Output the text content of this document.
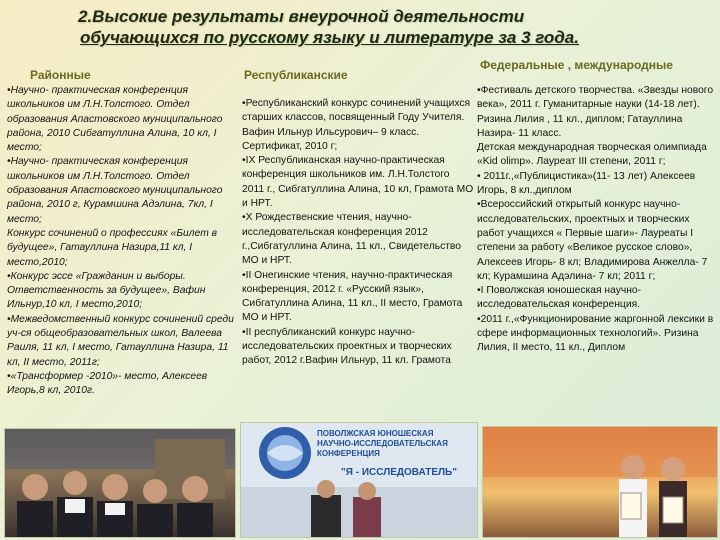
2.Высокие результаты внеурочной деятельности
обучающихся по русскому языку и литературе за 3 года.
Районные	Республиканские
Федеральные , международные

•Научно- практическая конференция школьников им Л.Н.Толстого. Отдел образования Апастовского муниципального района, 2010 Сибгатуллина Алина, 10 кл, I место;

•Научно- практическая конференция школьников им Л.Н.Толстого. Отдел образования Апастовского муниципального района, 2010 г, Курамшина Адэлина, 7кл, I место;

Конкурс сочинений о профессиях «Билет в будущее», Гатауллина Назира,11 кл, I место,2010;

•Конкурс эссе «Гражданин и выборы. Ответственность за будущее», Вафин Ильнур,10 кл, I место,2010;

•Межведомственный конкурс сочинений среди уч-ся общеобразовательных школ, Валеева Раиля, 11 кл, I место, Гатауллина Назира, 11 кл, II место, 2011г;

•«Трансформер -2010»- место, Алексеев Игорь,8 кл, 2010г.

•Республиканский конкурс сочинений учащихся старших классов, посвященный Году Учителя. Вафин Ильнур Ильсурович– 9 класс. Сертификат, 2010 г;

•IX Республиканская научно-практическая конференция школьников им. Л.Н.Толстого 2011 г., Сибгатуллина Алина, 10 кл, Грамота МО и НРТ.

•X Рождественские чтения, научно-исследовательская конференция 2012 г.,Сибгатуллина Алина, 11 кл., Свидетельство МО и НРТ.

•II Онегинские чтения, научно-практическая конференция, 2012 г. «Русский язык», Сибгатуллина Алина, 11 кл., II место, Грамота МО и НРТ.

•II республиканский конкурс научно-исследовательских проектных и творческих работ, 2012 г.Вафин Ильнур, 11 кл. Грамота

•Фестиваль детского творчества. «Звезды нового века», 2011 г. Гуманитарные науки (14-18 лет). Ризина Лилия , 11 кл., диплом; Гатауллина Назира- 11 класс.

Детская международная творческая олимпиада «Kid olimp». Лауреат III степени, 2011 г;

• 2011г.,«Публицистика»(11- 13 лет) Алексеев Игорь, 8 кл.,диплом

•Всероссийский открытый конкурс научно-исследовательских, проектных и творческих работ учащихся « Первые шаги»- Лауреаты I степени за работу «Великое русское слово», Алексеев Игорь- 8 кл; Владимирова Анжелла- 7 кл; Курамшина Адэлина- 7 кл; 2011 г;

•I Поволжская юношеская научно-исследовательская конференция.

•2011 г.,«Функционирование жаргонной лексики в сфере информационных технологий». Ризина Лилия, II место, 11 кл., Диплом

ПОВОЛЖСКАЯ ЮНОШЕСКАЯ НАУЧНО-ИССЛЕДОВАТЕЛЬСКАЯ КОНФЕРЕНЦИЯ
"Я - ИССЛЕДОВАТЕЛЬ"
